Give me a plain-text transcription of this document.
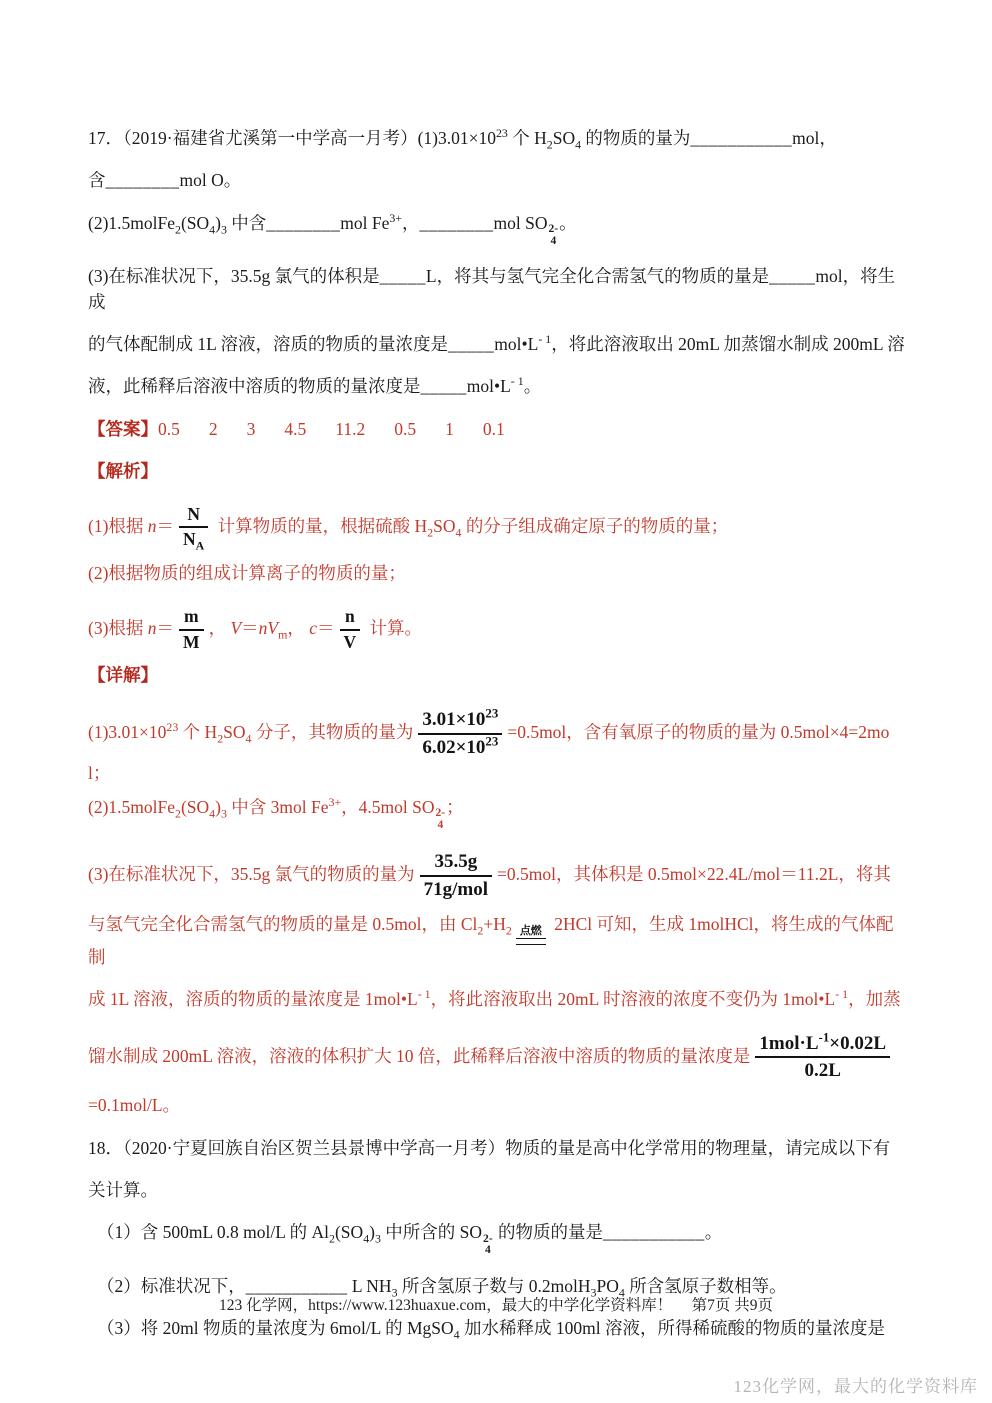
17．（2019·福建省尤溪第一中学高一月考）$(1)3.01\times 10^{23}$ 个 $H_2SO_4$ 的物质的量为___________mol，
含________mol O。
$(2)1.5molFe_2(SO_4)_3$ 中含________mol $Fe^{3+}$，________mol SO 2-
4
。
(3)在标准状况下，35.5g 氯气的体积是_____L，将其与氢气完全化合需氢气的物质的量是_____mol，将生成
的气体配制成 1L 溶液，溶质的物质的量浓度是$\_\_\_\_\_mol•L^{- 1}$，将此溶液取出 20mL 加蒸馏水制成 200mL 溶
液，此稀释后溶液中溶质的物质的量浓度是$\_\_\_\_\_mol•L^{- 1}$。
【答案】0.5 2 3 4.5 11.2 0.5 1 0.1
【解析】
(1)根据 $n= \frac{N}{N_A}$ 计算物质的量，根据硫酸 $H_2SO_4$ 的分子组成确定原子的物质的量；
(2)根据物质的组成计算离子的物质的量；
(3)根据 $n= \frac{m}{M}$ ， $V=nV_m$， $c= \frac{n}{V}$ 计算。
【详解】
$(1)3.01\times 10^{23}$ 个 $H_2SO_4$ 分子，其物质的量为 $\frac{3.01\times 10^{23}}{6.02\times 10^{23}} =0.5mol$，含有氧原子的物质的量为 0.5mol×4=2mol；
$(2)1.5molFe_2(SO_4)_3$ 中含 3mol $Fe^{3+}$，4.5mol SO 2-
4
；
(3)在标准状况下，35.5g 氯气的物质的量为 $\frac{35.5g}{\text{71g/mol}} =0.5mol$，其体积是 0.5mol×22.4L/mol＝11.2L，将其
与氢气完全化合需氢气的物质的量是 0.5mol，由 $Cl_2+H_2$ 点燃 2HCl 可知，生成 1molHCl，将生成的气体配制
成 1L 溶液，溶质的物质的量浓度是 $1mol•L^{- 1}$，将此溶液取出 20mL 时溶液的浓度不变仍为 $1mol•L^{- 1}$，加蒸
馏水制成 200mL 溶液，溶液的体积扩大 10 倍，此稀释后溶液中溶质的物质的量浓度是 $\frac{1mol\cdot L^{-1}\times 0.02L}{0.2L}$
=0.1mol/L。
18．（2020·宁夏回族自治区贺兰县景博中学高一月考）物质的量是高中化学常用的物理量，请完成以下有
关计算。
（1）含 500mL 0.8 mol/L 的 $Al_2(SO_4)_3$ 中所含的 SO 2-
4
的物质的量是___________。
（2）标准状况下，___________ L $NH_3$ 所含氢原子数与 $0.2molH_3PO_4$ 所含氢原子数相等。
（3）将 20ml 物质的量浓度为 6mol/L 的 MgSO$_4$ 加水稀释成 100ml 溶液，所得稀硫酸的物质的量浓度是
123 化学网，https://www.123huaxue.com，最大的中学化学资料库！　 第7页 共9页
123化学网，最大的化学资料库
